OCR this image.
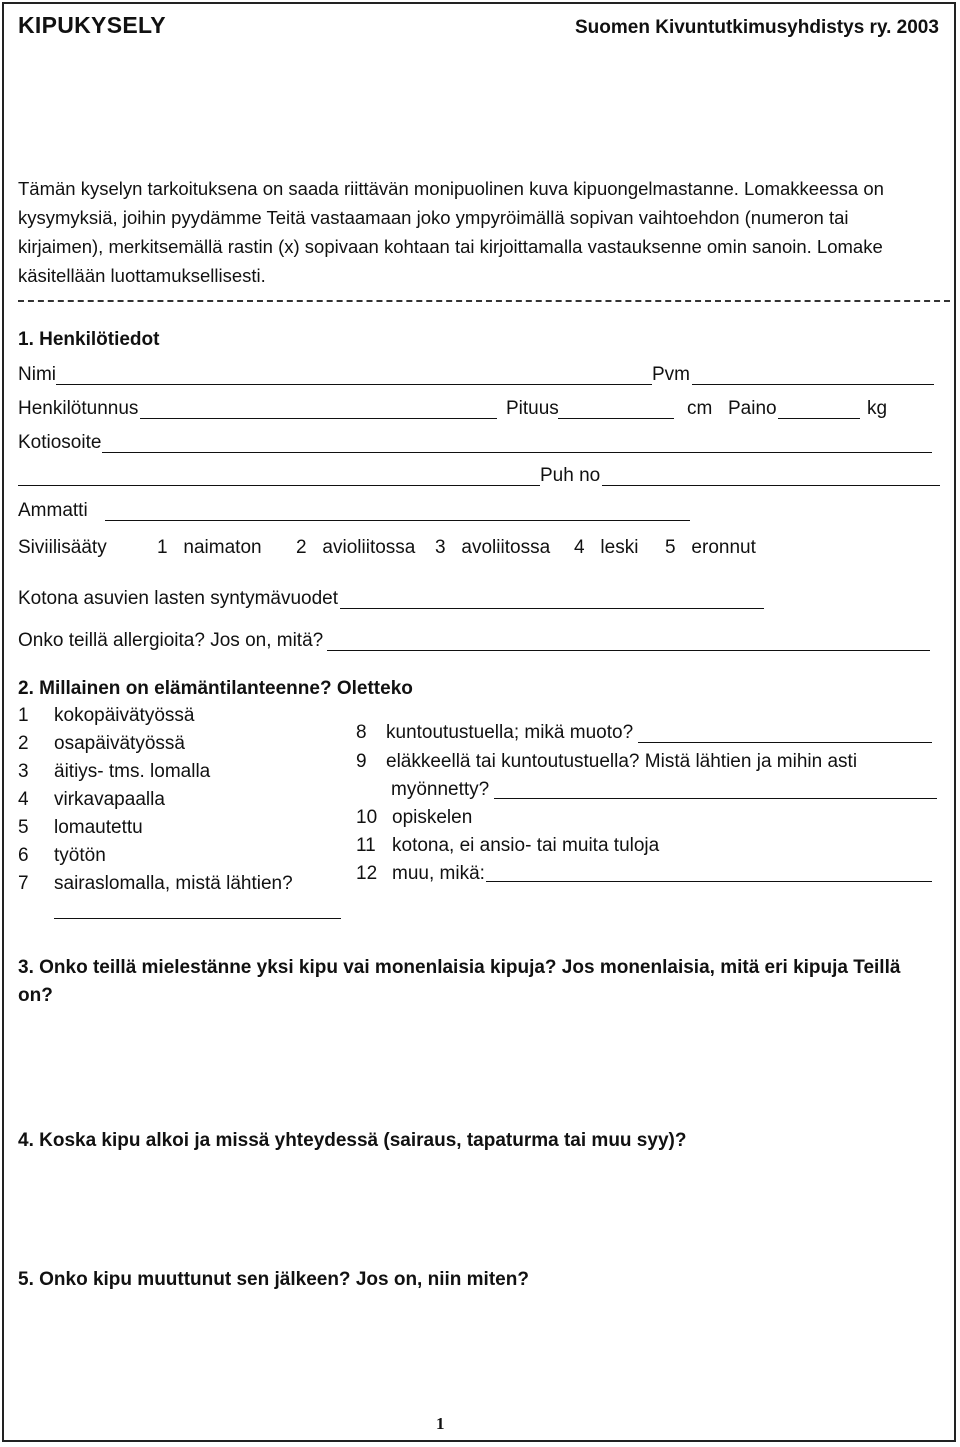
KIPUKYSELY	Suomen Kivuntutkimusyhdistys ry. 2003
Tämän kyselyn tarkoituksena on saada riittävän monipuolinen kuva kipuongelmastanne. Lomakkeessa on kysymyksiä, joihin pyydämme Teitä vastaamaan joko ympyröimällä sopivan vaihtoehdon (numeron tai kirjaimen), merkitsemällä rastin (x) sopivaan kohtaan tai kirjoittamalla vastauksenne omin sanoin. Lomake käsitellään luottamuksellisesti.
1. Henkilötiedot
Nimi	Pvm
Henkilötunnus	Pituus	cm Paino	kg
Kotiosoite
Puh no
Ammatti
Siviilisääty	1 naimaton 2 avioliitossa 3 avoliitossa 4 leski 5 eronnut
Kotona asuvien lasten syntymävuodet
Onko teillä allergioita? Jos on, mitä?
2. Millainen on elämäntilanteenne? Oletteko
1 kokopäivätyössä
2 osapäivätyössä
3 äitiys- tms. lomalla
4 virkavapaalla
5 lomautettu
6 työtön
7 sairaslomalla, mistä lähtien?
8 kuntoutustuella; mikä muoto?
9 eläkkeellä tai kuntoutustuella? Mistä lähtien ja mihin asti
myönnetty?
10 opiskelen
11 kotona, ei ansio- tai muita tuloja
12 muu, mikä:
3. Onko teillä mielestänne yksi kipu vai monenlaisia kipuja? Jos monenlaisia, mitä eri kipuja Teillä
on?
4. Koska kipu alkoi ja missä yhteydessä (sairaus, tapaturma tai muu syy)?
5. Onko kipu muuttunut sen jälkeen? Jos on, niin miten?
1
